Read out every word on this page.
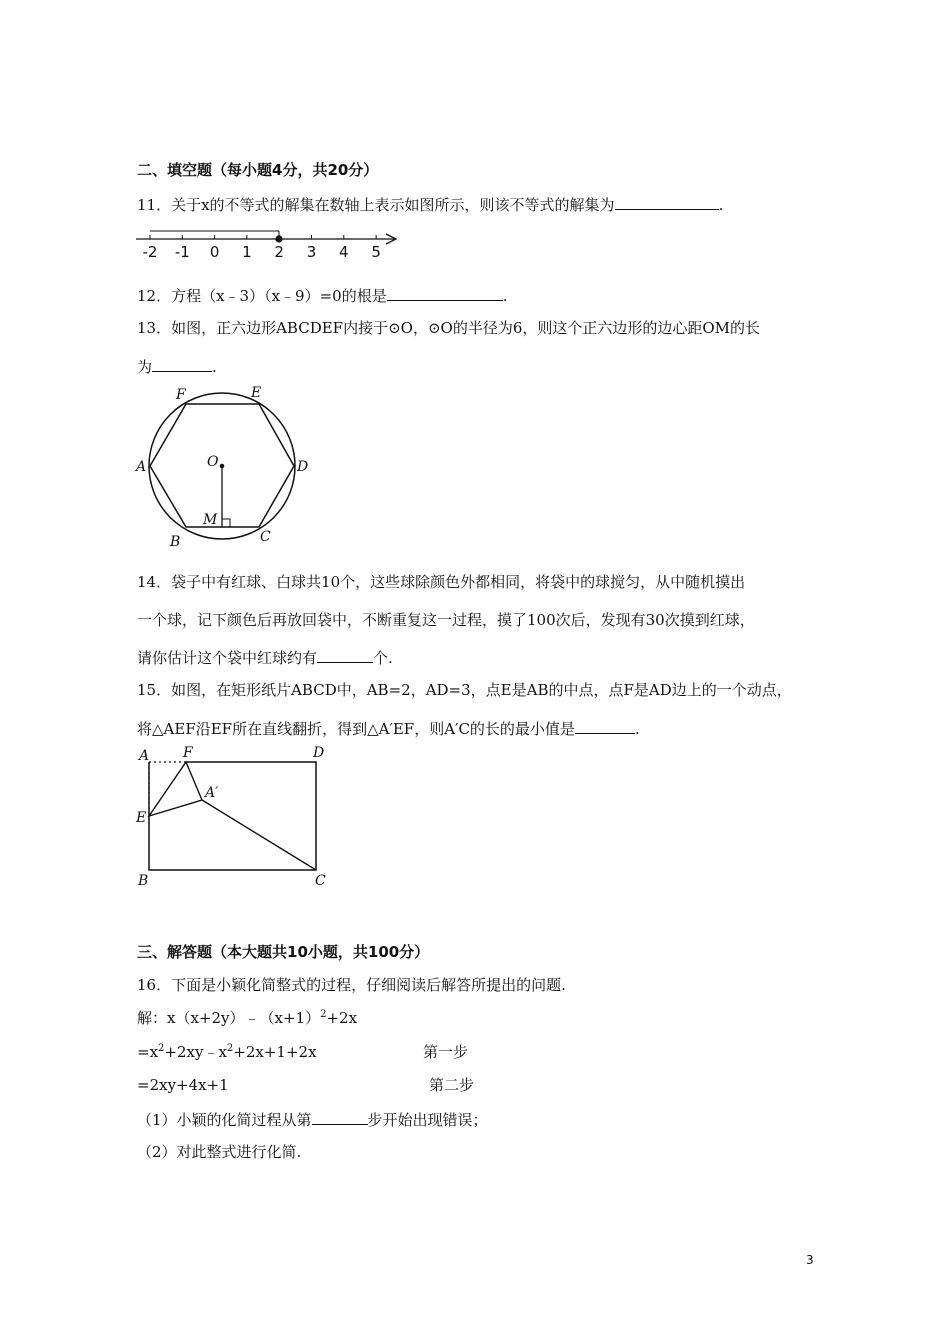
二、填空题（每小题4分，共20分）
11．关于x的不等式的解集在数轴上表示如图所示，则该不等式的解集为	.
-2 -1 0 1 2 3 4 5
12．方程（x﹣3）（x﹣9）=0的根是	.
13．如图，正六边形ABCDEF内接于⊙O，⊙O的半径为6，则这个正六边形的边心距OM的长
为	.
F	E
A	D
O
M
B	C
14．袋子中有红球、白球共10个，这些球除颜色外都相同，将袋中的球搅匀，从中随机摸出
一个球，记下颜色后再放回袋中，不断重复这一过程，摸了100次后，发现有30次摸到红球，
请你估计这个袋中红球约有	个.
15．如图，在矩形纸片ABCD中，AB=2，AD=3，点E是AB的中点，点F是AD边上的一个动点，
将△AEF沿EF所在直线翻折，得到△A′EF，则A′C的长的最小值是	.
A F	D
A′
E
B	C
三、解答题（本大题共10小题，共100分）
16．下面是小颖化简整式的过程，仔细阅读后解答所提出的问题.
解：$x(x+2y)﹣(x+1)^2+2x$
$=x^2+2xy﹣x^2+2x+1+2x$	第一步
=2xy+4x+1	第二步
（1）小颖的化简过程从第	步开始出现错误；
（2）对此整式进行化简.
3
